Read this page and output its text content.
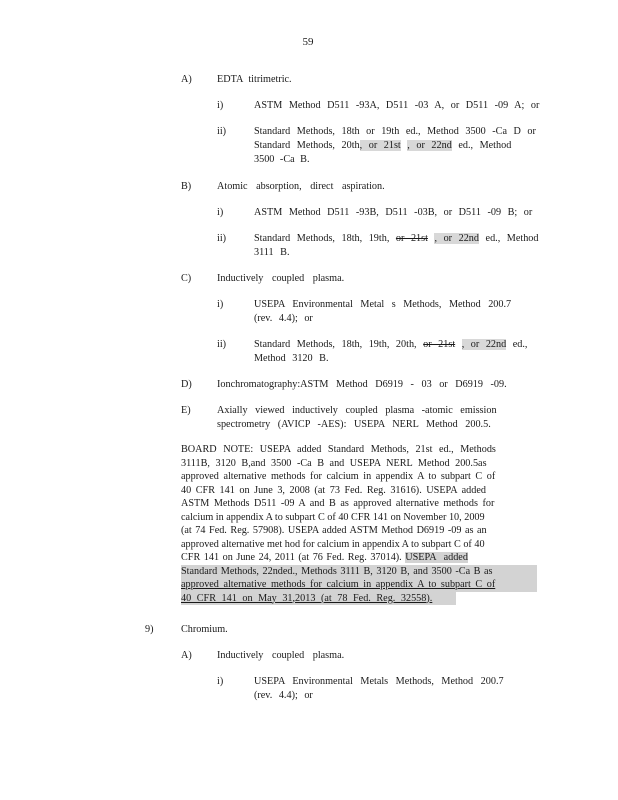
59
A) EDTA titrimetric.
i)	ASTM Method D511 -93A, D511 -03 A, or D511 -09 A; or
ii)	Standard Methods, 18th or 19th ed., Method 3500 -Ca D or
Standard Methods, 20th, or 21st , or 22nd ed., Method
3500 -Ca B.
B)	Atomic absorption, direct aspiration.
i)	ASTM Method D511 -93B, D511 -03B, or D511 -09 B; or
ii)	Standard Methods, 18th, 19th, or 21st , or 22nd ed., Method
3111 B.
C)	Inductively coupled plasma.
i)	USEPA Environmental Metal s Methods, Method 200.7
(rev. 4.4); or
ii)	Standard Methods, 18th, 19th, 20th, or 21st , or 22nd ed.,
Method 3120 B.
D) Ionchromatography:ASTM Method D6919 - 03 or D6919 -09.
E)	Axially viewed inductively coupled plasma -atomic emission
spectrometry (AVICP -AES): USEPA NERL Method 200.5.
BOARD NOTE: USEPA added Standard Methods, 21st ed., Methods
3111B, 3120 B,and 3500 -Ca B and USEPA NERL Method 200.5as
approved alternative methods for calcium in appendix A to subpart C of
40 CFR 141 on June 3, 2008 (at 73 Fed. Reg. 31616). USEPA added
ASTM Methods D511 -09 A and B as approved alternative methods for
calcium in appendix A to subpart C of 40 CFR 141 on November 10, 2009
(at 74 Fed. Reg. 57908). USEPA added ASTM Method D6919 -09 as an
approved alternative met hod for calcium in appendix A to subpart C of 40
CFR 141 on June 24, 2011 (at 76 Fed. Reg. 37014). USEPA added
Standard Methods, 22nded., Methods 3111 B, 3120 B, and 3500 -Ca B as
approved alternative methods for calcium in appendix A to subpart C of
40 CFR 141 on May 31,2013 (at 78 Fed. Reg. 32558).
9)	Chromium.
A) Inductively coupled plasma.
i)	USEPA Environmental Metals Methods, Method 200.7
(rev. 4.4); or
